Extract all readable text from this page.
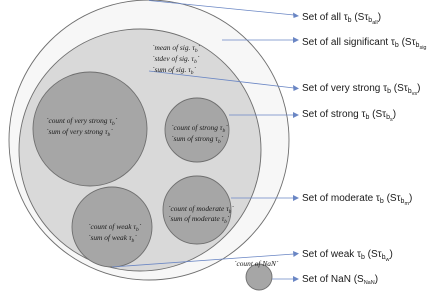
Set of all $\tau_b$ $(S\tau_{ball})$
Set of all significant $\tau_b$ ($S\tau_{bsig}$
Set of very strong $\tau_b$ $(S\tau_{bvs})$
Set of strong $\tau_b$ $(S\tau_{bs})$
Set of moderate $\tau_b$ $(S\tau_{bm})$
Set of weak $\tau_b$ $(S\tau_{bw})$
Set of NaN $(S_{NaN})$
`mean of sig. $\tau_b`$
`stdev of sig. $\tau_b`$
`sum of sig. $\tau_b`$
`count of very strong $\tau_b`$
`sum of very strong $\tau_b`$	`count of strong $\tau_b`$
`sum of strong $\tau_b`$
`count of moderate $\tau_b`$
`sum of moderate $\tau_b`$
`count of weak $\tau_b`$
`sum of weak $\tau_b`$
`count of NaN`
